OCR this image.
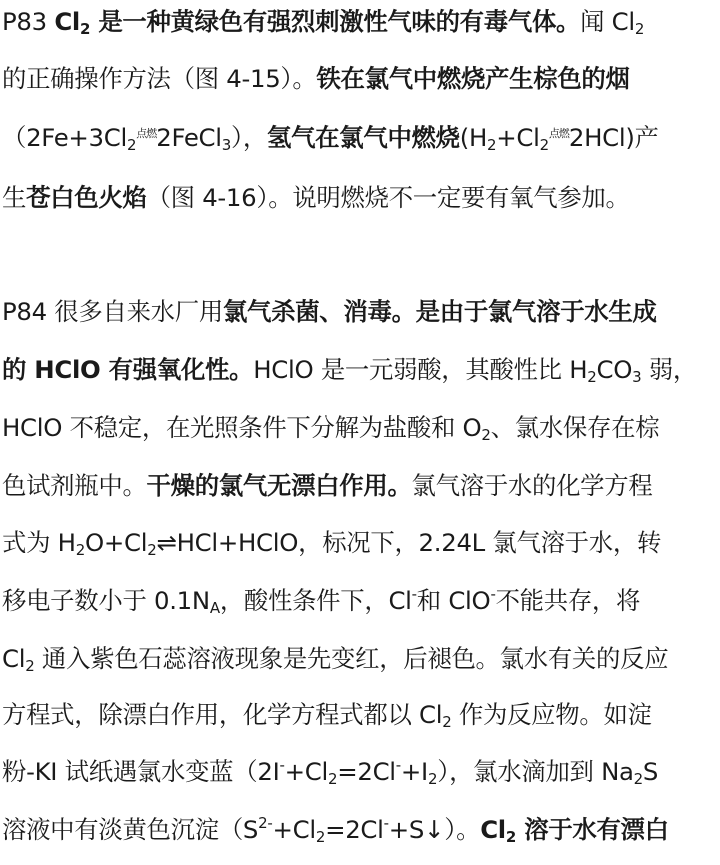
P83 $Cl_2$ 是一种黄绿色有强烈刺激性气味的有毒气体。闻 $Cl_2$
的正确操作方法（图 4-15）。铁在氯气中燃烧产生棕色的烟
$(2Fe+3Cl_2^{点燃}2FeCl_3)$，氢气在氯气中燃烧$(H_2+Cl_2^{点燃}2HCl)$产
生苍白色火焰（图 4-16）。说明燃烧不一定要有氧气参加。
P84 很多自来水厂用氯气杀菌、消毒。是由于氯气溶于水生成
的 HClO 有强氧化性。HClO 是一元弱酸，其酸性比 $H_2CO_3$ 弱，
HClO 不稳定，在光照条件下分解为盐酸和 $O_2$、氯水保存在棕
色试剂瓶中。干燥的氯气无漂白作用。氯气溶于水的化学方程
式为 $H_2O+Cl_2\rightleftharpoons HCl+HClO$，标况下，2.24L 氯气溶于水，转
移电子数小于 $0.1N_A$，酸性条件下，Cl-和 ClO-不能共存，将
$Cl_2$ 通入紫色石蕊溶液现象是先变红，后褪色。氯水有关的反应
方程式，除漂白作用，化学方程式都以 $Cl_2$ 作为反应物。如淀
粉-KI 试纸遇氯水变蓝$(2I^-+Cl_2=2Cl^-+I_2)$，氯水滴加到 $Na_2S$
溶液中有淡黄色沉淀$(S^{2-}+Cl_2=2Cl^-+S↓)$。$Cl_2$ 溶于水有漂白
